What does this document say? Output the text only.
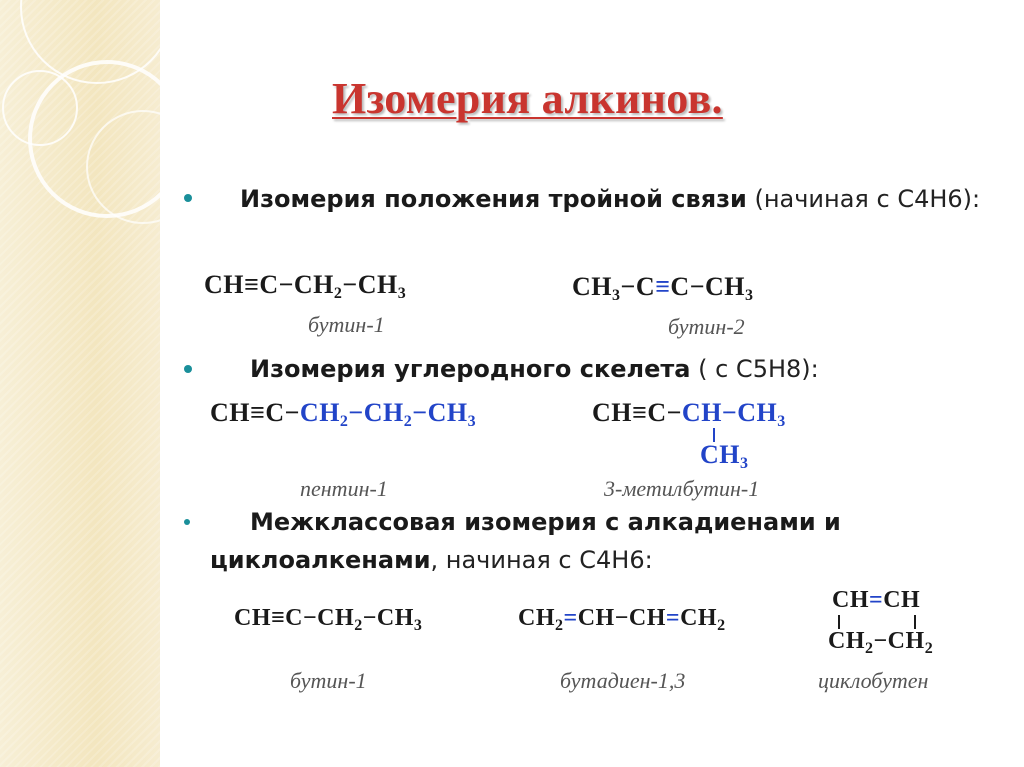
Изомерия алкинов.

Изомерия положения тройной связи (начиная с С4Н6):

$CH\equiv C-CH_2-CH_3$
бутин-1
$CH_3-C\equiv C-CH_3$
бутин-2

Изомерия углеродного скелета ( с С5Н8):

$CH\equiv C-CH_2-CH_2-CH_3$
пентин-1
$CH\equiv C-CH-CH_3$
$CH_3$
3-метилбутин-1

Межклассовая изомерия с алкадиенами и циклоалкенами, начиная с С4Н6:

$CH\equiv C-CH_2-CH_3$
бутин-1
$CH_2=CH-CH=CH_2$
бутадиен-1,3
CH=CH
$CH_2-CH_2$
циклобутен
